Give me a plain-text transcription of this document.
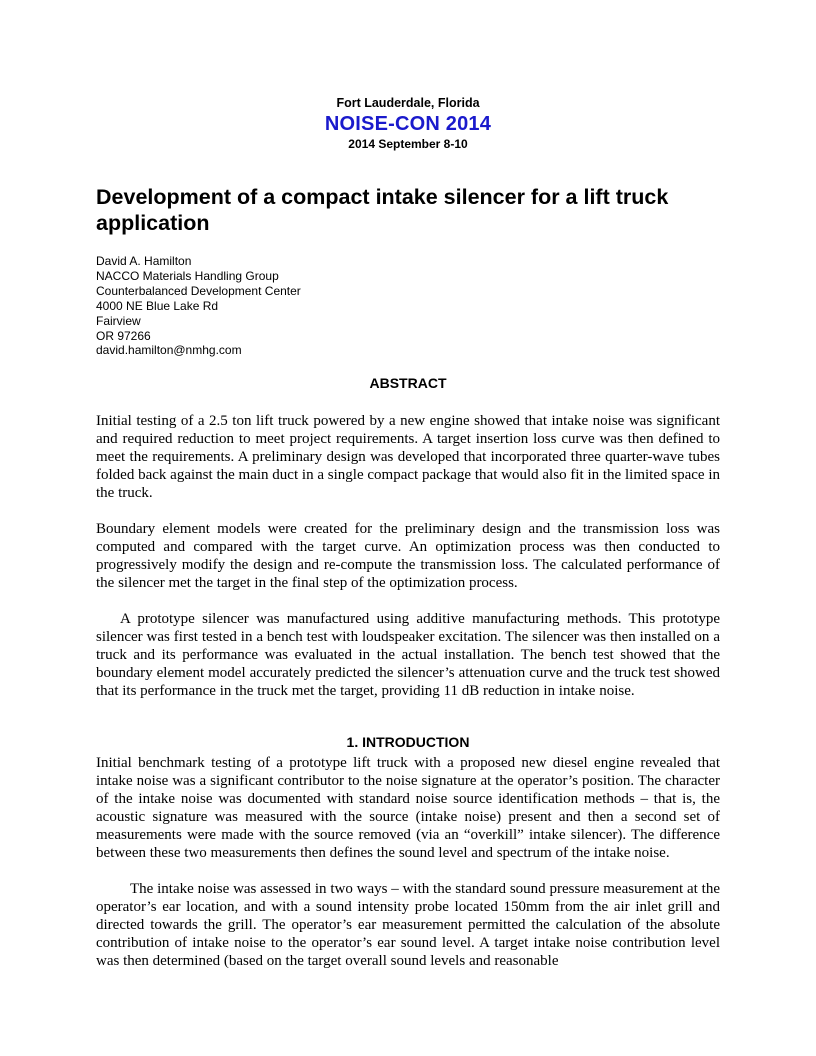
Fort Lauderdale, Florida
NOISE-CON 2014
2014 September 8-10
Development of a compact intake silencer for a lift truck application
David A. Hamilton
NACCO Materials Handling Group
Counterbalanced Development Center
4000 NE Blue Lake Rd
Fairview
OR 97266
david.hamilton@nmhg.com
ABSTRACT

Initial testing of a 2.5 ton lift truck powered by a new engine showed that intake noise was significant and required reduction to meet project requirements. A target insertion loss curve was then defined to meet the requirements. A preliminary design was developed that incorporated three quarter-wave tubes folded back against the main duct in a single compact package that would also fit in the limited space in the truck.

Boundary element models were created for the preliminary design and the transmission loss was computed and compared with the target curve. An optimization process was then conducted to progressively modify the design and re-compute the transmission loss. The calculated performance of the silencer met the target in the final step of the optimization process.

A prototype silencer was manufactured using additive manufacturing methods. This prototype silencer was first tested in a bench test with loudspeaker excitation. The silencer was then installed on a truck and its performance was evaluated in the actual installation. The bench test showed that the boundary element model accurately predicted the silencer’s attenuation curve and the truck test showed that its performance in the truck met the target, providing 11 dB reduction in intake noise.

1. INTRODUCTION

Initial benchmark testing of a prototype lift truck with a proposed new diesel engine revealed that intake noise was a significant contributor to the noise signature at the operator’s position. The character of the intake noise was documented with standard noise source identification methods – that is, the acoustic signature was measured with the source (intake noise) present and then a second set of measurements were made with the source removed (via an “overkill” intake silencer). The difference between these two measurements then defines the sound level and spectrum of the intake noise.

The intake noise was assessed in two ways – with the standard sound pressure measurement at the operator’s ear location, and with a sound intensity probe located 150mm from the air inlet grill and directed towards the grill. The operator’s ear measurement permitted the calculation of the absolute contribution of intake noise to the operator’s ear sound level. A target intake noise contribution level was then determined (based on the target overall sound levels and reasonable
